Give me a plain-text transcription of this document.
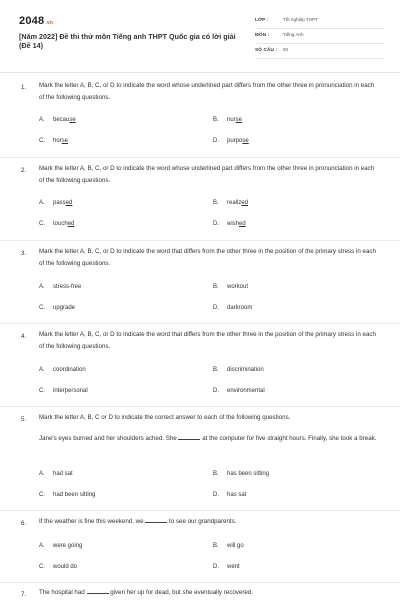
2048.vn
[Năm 2022] Đề thi thử môn Tiếng anh THPT Quốc gia có lời giải (Đề 14)
LỚP :	Tốt nghiệp THPT
MÔN :	Tiếng Anh
SỐ CÂU : 50
1. Mark the letter A, B, C, or D to indicate the word whose underlined part differs from the other three in pronunciation in each of the following questions.
A. because	B. nurse
C. horse	D. purpose
2. Mark the letter A, B, C, or D to indicate the word whose underlined part differs from the other three in pronunciation in each of the following questions.
A. passed	B. realized
C. touched	D. wished
3. Mark the letter A, B, C, or D to indicate the word that differs from the other three in the position of the primary stress in each of the following questions.
A. stress-free	B. workout
C. upgrade	D. darkroom
4. Mark the letter A, B, C, or D to indicate the word that differs from the other three in the position of the primary stress in each of the following questions.
A. coordination	B. discrimination
C. interpersonal	D. environmental
5. Mark the letter A, B, C or D to indicate the correct answer to each of the following questions.
Jane's eyes burned and her shoulders ached. She	at the computer for five straight hours. Finally, she took a break.
A. had sat	B. has been sitting
C. had been sitting	D. has sat
6. If the weather is fine this weekend, we	to see our grandparents.
A. were going	B. will go
C. would do	D. went
7. The hospital had	given her up for dead, but she eventually recovered.
